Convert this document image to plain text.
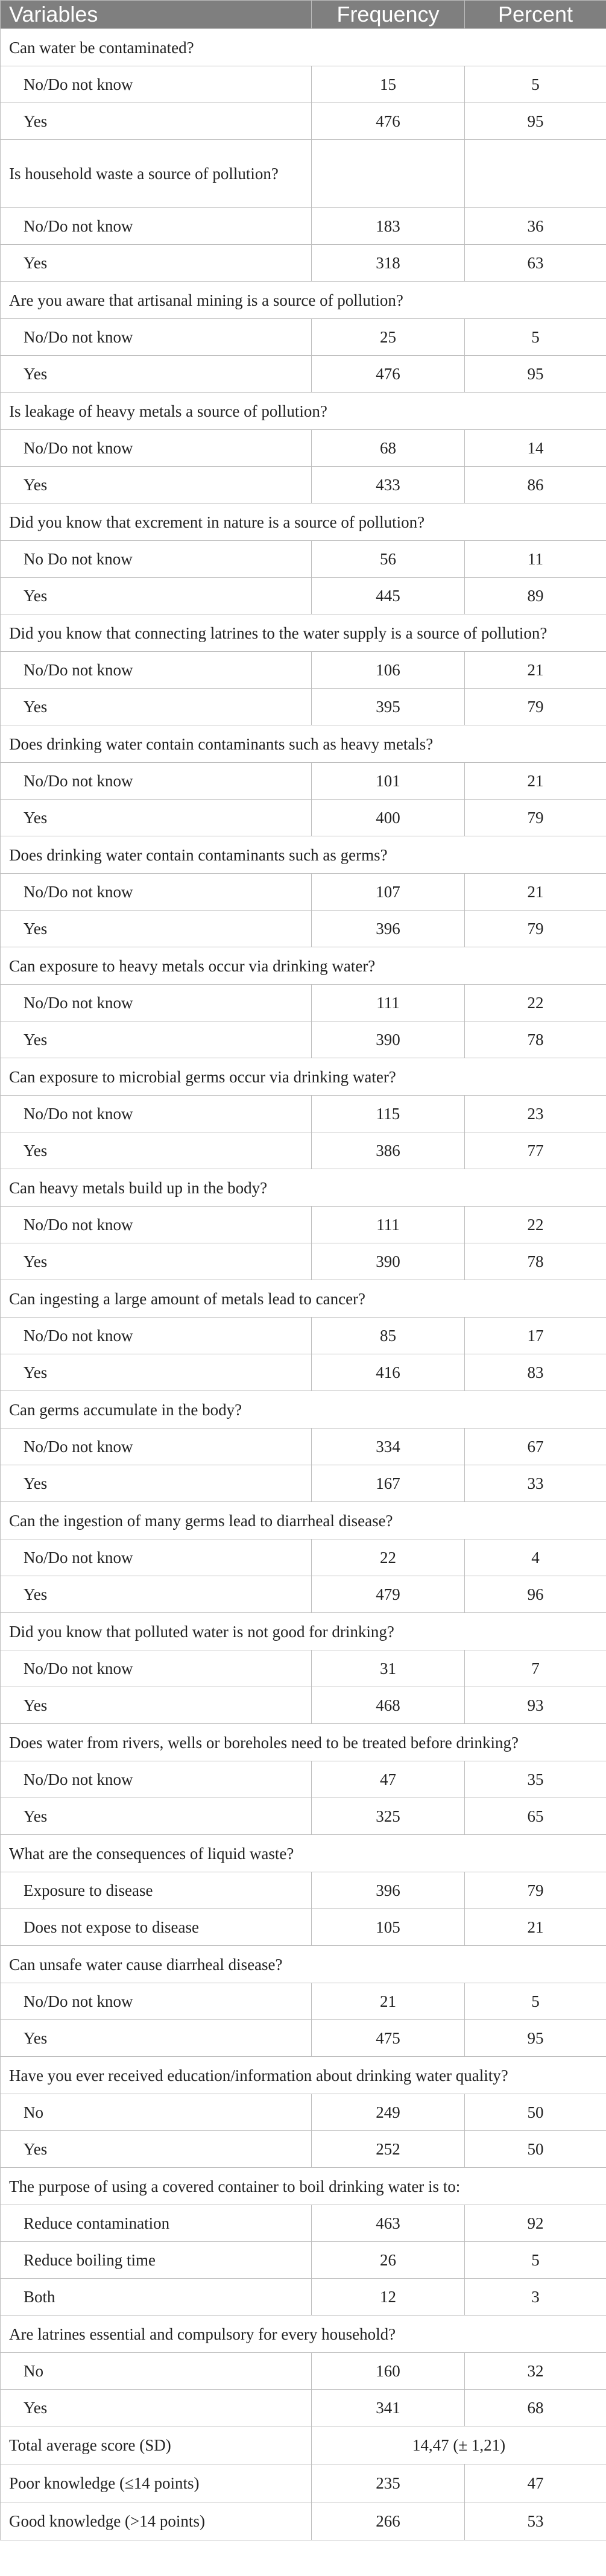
Variables	Frequency	Percent
Can water be contaminated?		
No/Do not know	15	5
Yes	476	95
Is household waste a source of pollution?		
No/Do not know	183	36
Yes	318	63
Are you aware that artisanal mining is a source of pollution?		
No/Do not know	25	5
Yes	476	95
Is leakage of heavy metals a source of pollution?		
No/Do not know	68	14
Yes	433	86
Did you know that excrement in nature is a source of pollution?		
No Do not know	56	11
Yes	445	89
Did you know that connecting latrines to the water supply is a source of pollution?		
No/Do not know	106	21
Yes	395	79
Does drinking water contain contaminants such as heavy metals?		
No/Do not know	101	21
Yes	400	79
Does drinking water contain contaminants such as germs?		
No/Do not know	107	21
Yes	396	79
Can exposure to heavy metals occur via drinking water?		
No/Do not know	111	22
Yes	390	78
Can exposure to microbial germs occur via drinking water?		
No/Do not know	115	23
Yes	386	77
Can heavy metals build up in the body?		
No/Do not know	111	22
Yes	390	78
Can ingesting a large amount of metals lead to cancer?		
No/Do not know	85	17
Yes	416	83
Can germs accumulate in the body?		
No/Do not know	334	67
Yes	167	33
Can the ingestion of many germs lead to diarrheal disease?		
No/Do not know	22	4
Yes	479	96
Did you know that polluted water is not good for drinking?		
No/Do not know	31	7
Yes	468	93
Does water from rivers, wells or boreholes need to be treated before drinking?		
No/Do not know	47	35
Yes	325	65
What are the consequences of liquid waste?		
Exposure to disease	396	79
Does not expose to disease	105	21
Can unsafe water cause diarrheal disease?		
No/Do not know	21	5
Yes	475	95
Have you ever received education/information about drinking water quality?		
No	249	50
Yes	252	50
The purpose of using a covered container to boil drinking water is to:		
Reduce contamination	463	92
Reduce boiling time	26	5
Both	12	3
Are latrines essential and compulsory for every household?		
No	160	32
Yes	341	68
Total average score (SD)	14,47 (± 1,21)	
Poor knowledge (≤14 points)	235	47
Good knowledge (>14 points)	266	53
